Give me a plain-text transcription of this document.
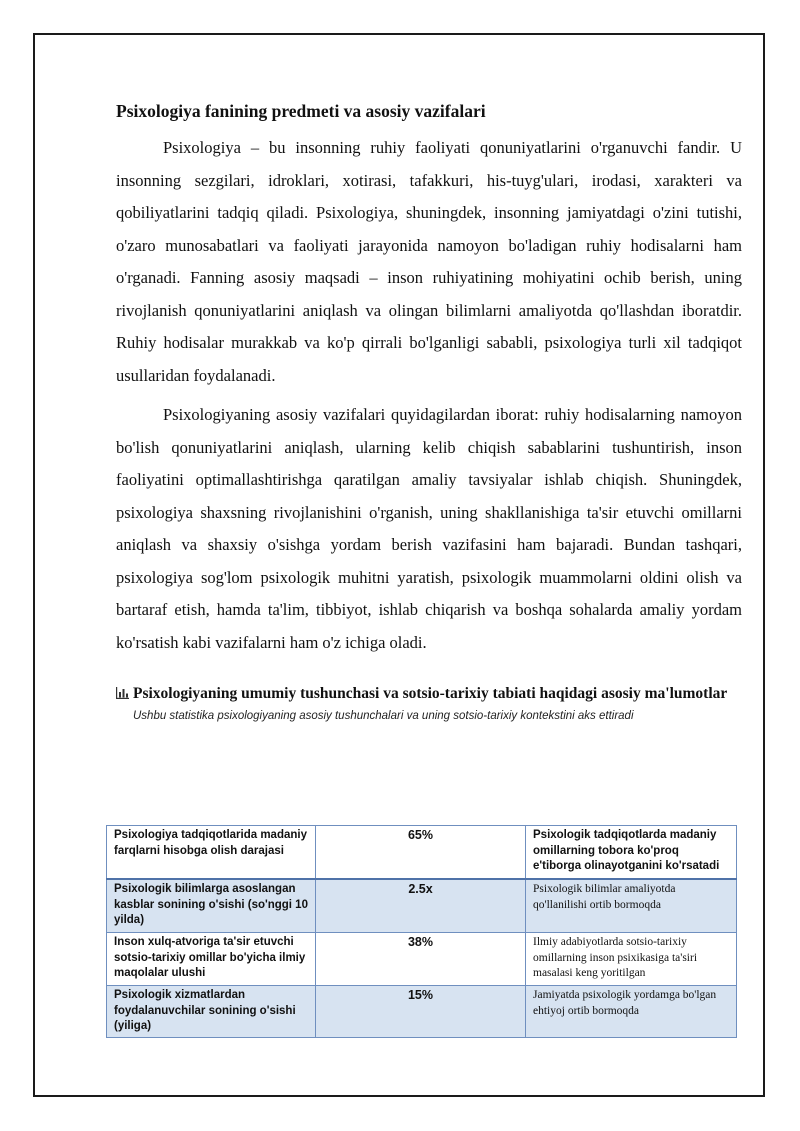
Psixologiya fanining predmeti va asosiy vazifalari

Psixologiya – bu insonning ruhiy faoliyati qonuniyatlarini o'rganuvchi fandir. U insonning sezgilari, idroklari, xotirasi, tafakkuri, his-tuyg'ulari, irodasi, xarakteri va qobiliyatlarini tadqiq qiladi. Psixologiya, shuningdek, insonning jamiyatdagi o'zini tutishi, o'zaro munosabatlari va faoliyati jarayonida namoyon bo'ladigan ruhiy hodisalarni ham o'rganadi. Fanning asosiy maqsadi – inson ruhiyatining mohiyatini ochib berish, uning rivojlanish qonuniyatlarini aniqlash va olingan bilimlarni amaliyotda qo'llashdan iboratdir. Ruhiy hodisalar murakkab va ko'p qirrali bo'lganligi sababli, psixologiya turli xil tadqiqot usullaridan foydalanadi.

Psixologiyaning asosiy vazifalari quyidagilardan iborat: ruhiy hodisalarning namoyon bo'lish qonuniyatlarini aniqlash, ularning kelib chiqish sabablarini tushuntirish, inson faoliyatini optimallashtirishga qaratilgan amaliy tavsiyalar ishlab chiqish. Shuningdek, psixologiya shaxsning rivojlanishini o'rganish, uning shakllanishiga ta'sir etuvchi omillarni aniqlash va shaxsiy o'sishga yordam berish vazifasini ham bajaradi. Bundan tashqari, psixologiya sog'lom psixologik muhitni yaratish, psixologik muammolarni oldini olish va bartaraf etish, hamda ta'lim, tibbiyot, ishlab chiqarish va boshqa sohalarda amaliy yordam ko'rsatish kabi vazifalarni ham o'z ichiga oladi.

Psixologiyaning umumiy tushunchasi va sotsio-tarixiy tabiati haqidagi asosiy ma'lumotlar
Ushbu statistika psixologiyaning asosiy tushunchalari va uning sotsio-tarixiy kontekstini aks ettiradi
Psixologiya tadqiqotlarida madaniy farqlarni hisobga olish darajasi	65%	Psixologik tadqiqotlarda madaniy omillarning tobora ko'proq e'tiborga olinayotganini ko'rsatadi
Psixologik bilimlarga asoslangan kasblar sonining o'sishi (so'nggi 10 yilda)	2.5x	Psixologik bilimlar amaliyotda qo'llanilishi ortib bormoqda
Inson xulq-atvoriga ta'sir etuvchi sotsio-tarixiy omillar bo'yicha ilmiy maqolalar ulushi	38%	Ilmiy adabiyotlarda sotsio-tarixiy omillarning inson psixikasiga ta'siri masalasi keng yoritilgan
Psixologik xizmatlardan foydalanuvchilar sonining o'sishi (yiliga)	15%	Jamiyatda psixologik yordamga bo'lgan ehtiyoj ortib bormoqda
